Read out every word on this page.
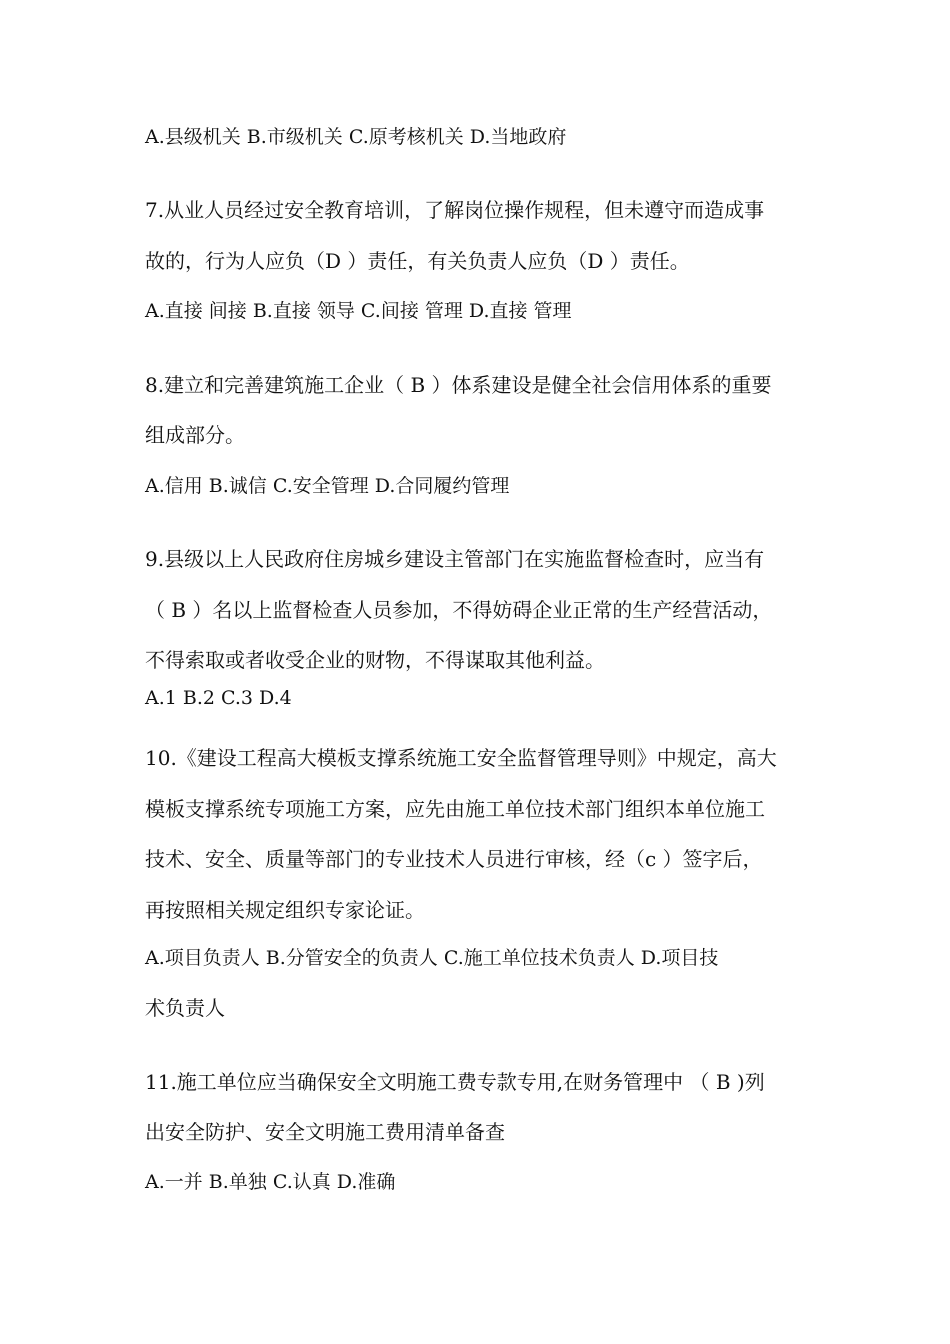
A.县级机关 B.市级机关 C.原考核机关 D.当地政府
7.从业人员经过安全教育培训，了解岗位操作规程，但未遵守而造成事
故的，行为人应负（D ）责任，有关负责人应负（D ）责任。
A.直接 间接 B.直接 领导 C.间接 管理 D.直接 管理
8.建立和完善建筑施工企业（ B ）体系建设是健全社会信用体系的重要
组成部分。
A.信用 B.诚信 C.安全管理 D.合同履约管理
9.县级以上人民政府住房城乡建设主管部门在实施监督检查时，应当有
（ B ）名以上监督检查人员参加，不得妨碍企业正常的生产经营活动，
不得索取或者收受企业的财物，不得谋取其他利益。
A.1 B.2 C.3 D.4
10.《建设工程高大模板支撑系统施工安全监督管理导则》中规定，高大
模板支撑系统专项施工方案，应先由施工单位技术部门组织本单位施工
技术、安全、质量等部门的专业技术人员进行审核，经（c ）签字后，
再按照相关规定组织专家论证。
A.项目负责人 B.分管安全的负责人 C.施工单位技术负责人 D.项目技
术负责人
11.施工单位应当确保安全文明施工费专款专用,在财务管理中 （ B )列
出安全防护、安全文明施工费用清单备查
A.一并 B.单独 C.认真 D.准确
